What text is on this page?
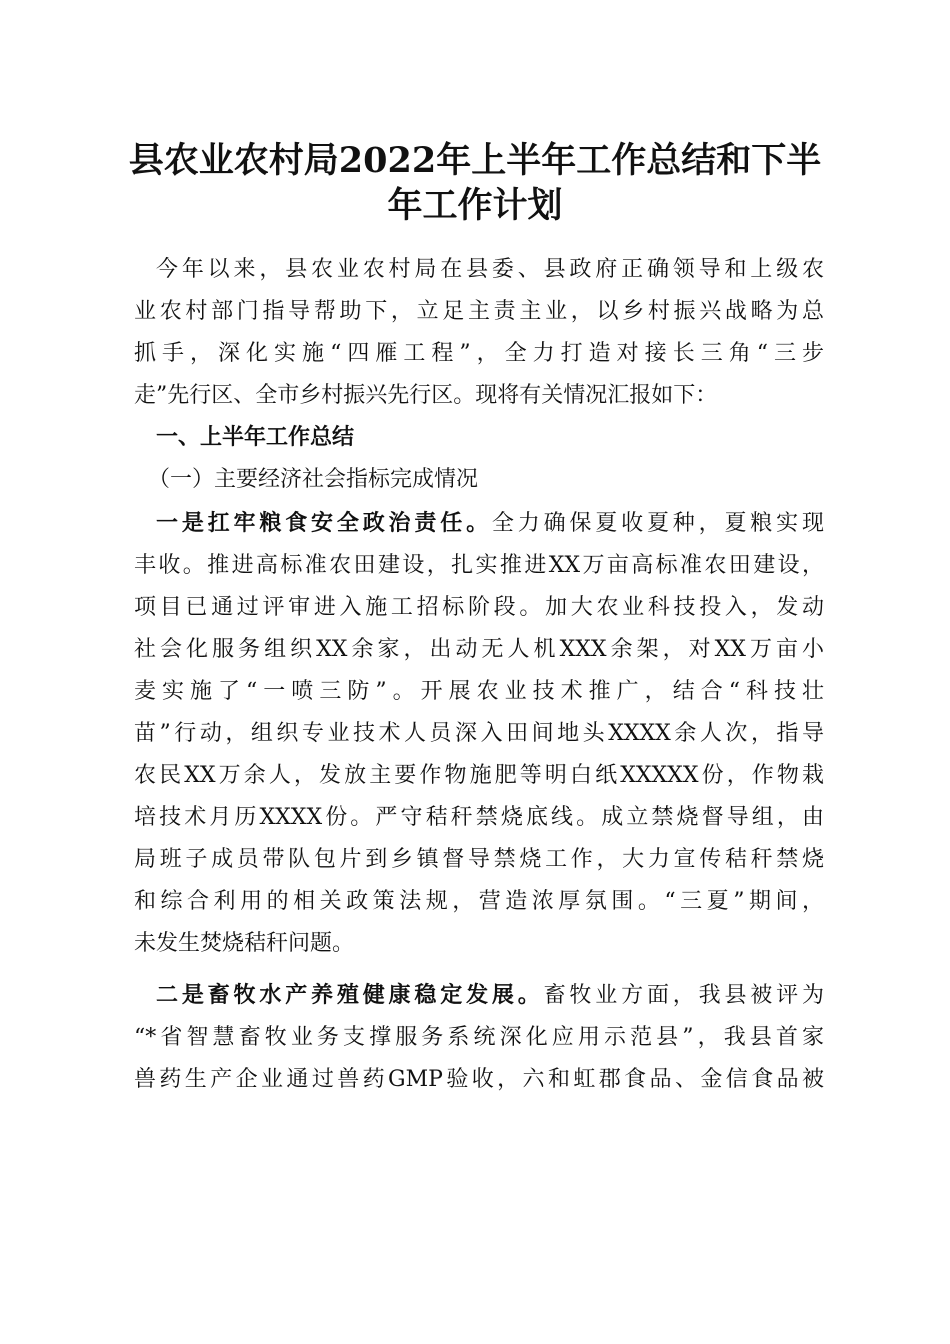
县农业农村局2022年上半年工作总结和下半
年工作计划
今年以来，县农业农村局在县委、县政府正确领导和上级农
业农村部门指导帮助下，立足主责主业，以乡村振兴战略为总
抓手，深化实施“四雁工程”，全力打造对接长三角“三步
走”先行区、全市乡村振兴先行区。现将有关情况汇报如下：
一、上半年工作总结
（一）主要经济社会指标完成情况
一是扛牢粮食安全政治责任。全力确保夏收夏种，夏粮实现
丰收。推进高标准农田建设，扎实推进XX万亩高标准农田建设，
项目已通过评审进入施工招标阶段。加大农业科技投入，发动
社会化服务组织XX余家，出动无人机XXX余架，对XX万亩小
麦实施了“一喷三防”。开展农业技术推广，结合“科技壮
苗”行动，组织专业技术人员深入田间地头XXXX余人次，指导
农民XX万余人，发放主要作物施肥等明白纸XXXXX份，作物栽
培技术月历XXXX份。严守秸秆禁烧底线。成立禁烧督导组，由
局班子成员带队包片到乡镇督导禁烧工作，大力宣传秸秆禁烧
和综合利用的相关政策法规，营造浓厚氛围。“三夏”期间，
未发生焚烧秸秆问题。
二是畜牧水产养殖健康稳定发展。畜牧业方面，我县被评为
“*省智慧畜牧业务支撑服务系统深化应用示范县”，我县首家
兽药生产企业通过兽药GMP验收，六和虹郡食品、金信食品被
